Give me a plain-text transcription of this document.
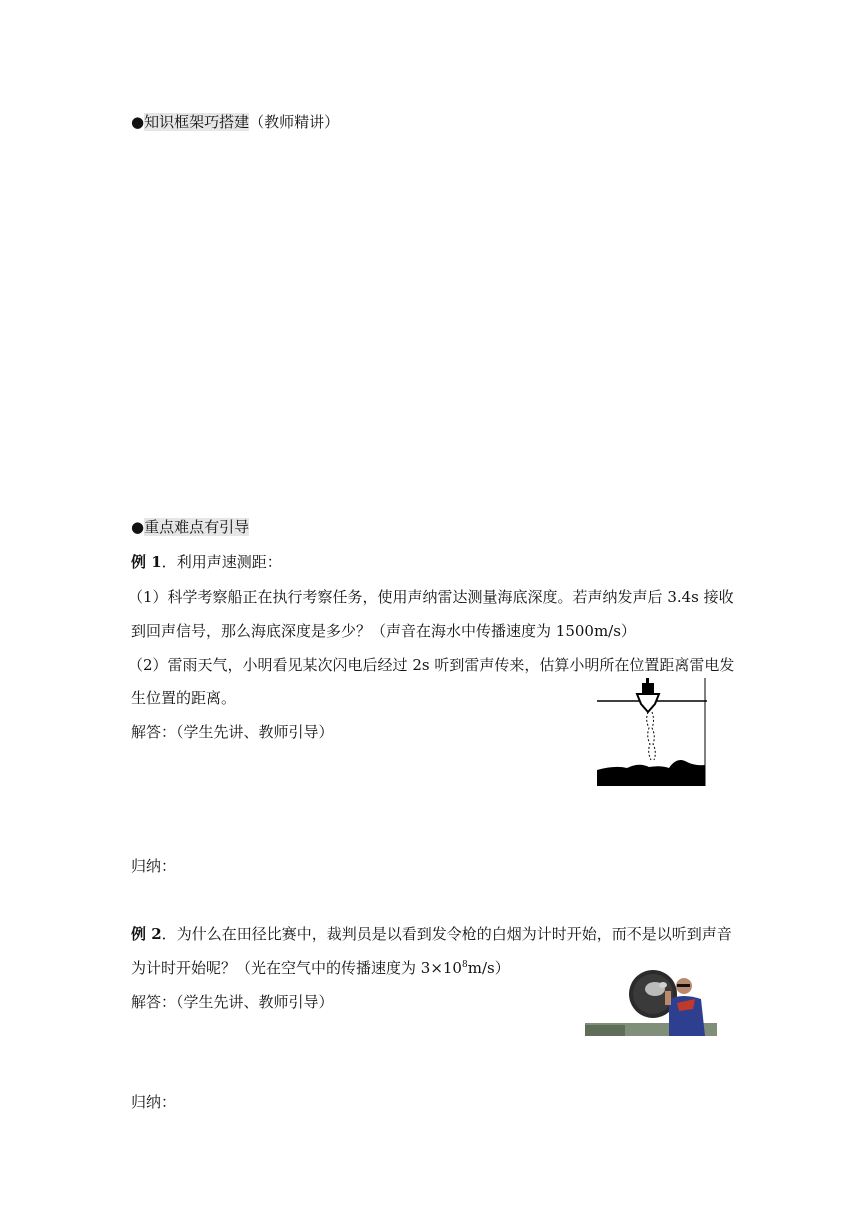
●知识框架巧搭建（教师精讲）
●重点难点有引导
例 1．利用声速测距：
（1）科学考察船正在执行考察任务，使用声纳雷达测量海底深度。若声纳发声后 3.4s 接收
到回声信号，那么海底深度是多少？（声音在海水中传播速度为 1500m/s）
（2）雷雨天气，小明看见某次闪电后经过 2s 听到雷声传来，估算小明所在位置距离雷电发
生位置的距离。
解答：（学生先讲、教师引导）
归纳：
例 2．为什么在田径比赛中，裁判员是以看到发令枪的白烟为计时开始，而不是以听到声音
为计时开始呢？（光在空气中的传播速度为 $3\times 10^8m/s$）
解答：（学生先讲、教师引导）
归纳：
